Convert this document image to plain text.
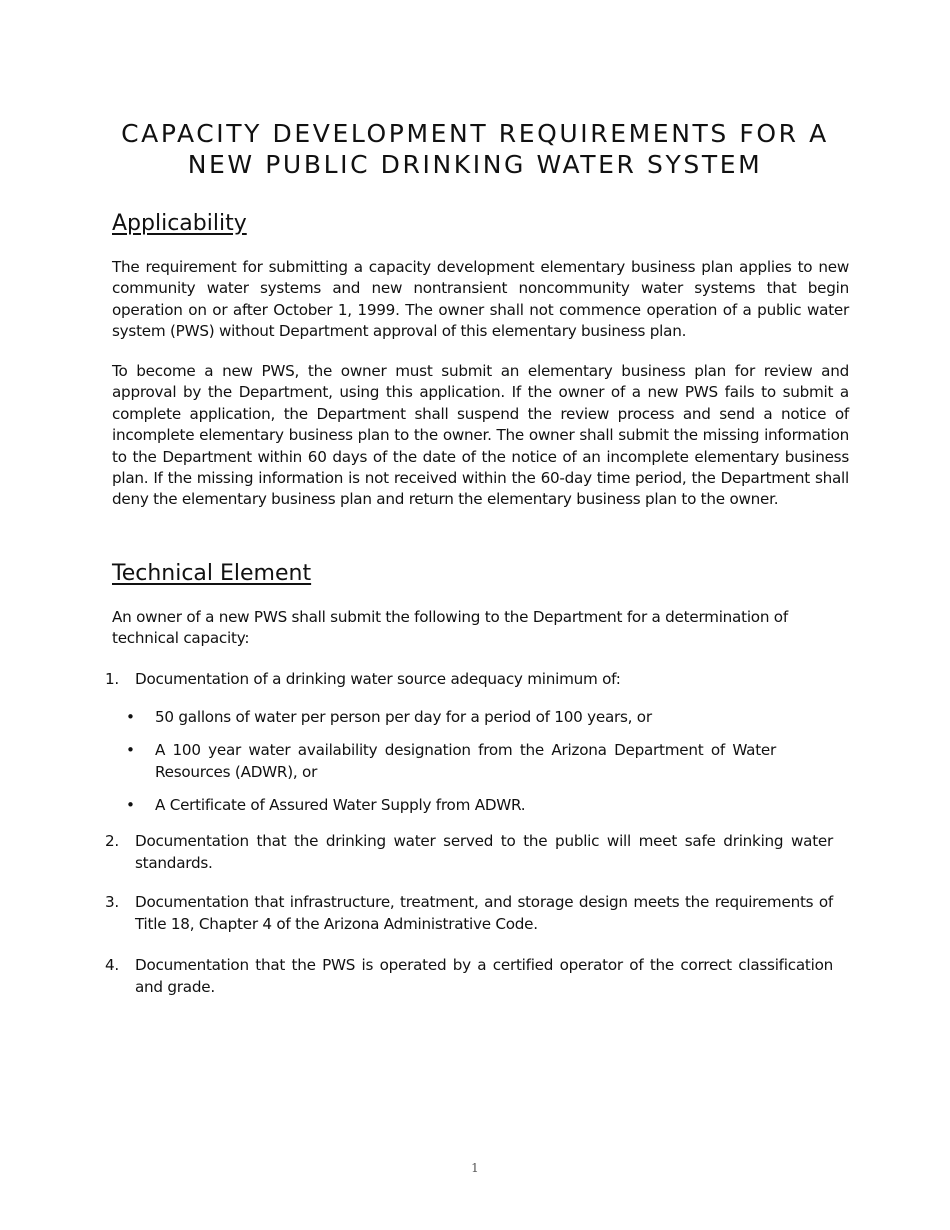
CAPACITY DEVELOPMENT REQUIREMENTS FOR A
NEW PUBLIC DRINKING WATER SYSTEM
Applicability

The requirement for submitting a capacity development elementary business plan applies to new community water systems and new nontransient noncommunity water systems that begin operation on or after October 1, 1999. The owner shall not commence operation of a public water system (PWS) without Department approval of this elementary business plan.

To become a new PWS, the owner must submit an elementary business plan for review and approval by the Department, using this application. If the owner of a new PWS fails to submit a complete application, the Department shall suspend the review process and send a notice of incomplete elementary business plan to the owner. The owner shall submit the missing information to the Department within 60 days of the date of the notice of an incomplete elementary business plan. If the missing information is not received within the 60-day time period, the Department shall deny the elementary business plan and return the elementary business plan to the owner.

Technical Element

An owner of a new PWS shall submit the following to the Department for a determination of technical capacity:

1.	Documentation of a drinking water source adequacy minimum of:
•	50 gallons of water per person per day for a period of 100 years, or
•	A 100 year water availability designation from the Arizona Department of Water Resources (ADWR), or
•	A Certificate of Assured Water Supply from ADWR.
2.	Documentation that the drinking water served to the public will meet safe drinking water standards.
3.	Documentation that infrastructure, treatment, and storage design meets the requirements of Title 18, Chapter 4 of the Arizona Administrative Code.
4.	Documentation that the PWS is operated by a certified operator of the correct classification and grade.
1
